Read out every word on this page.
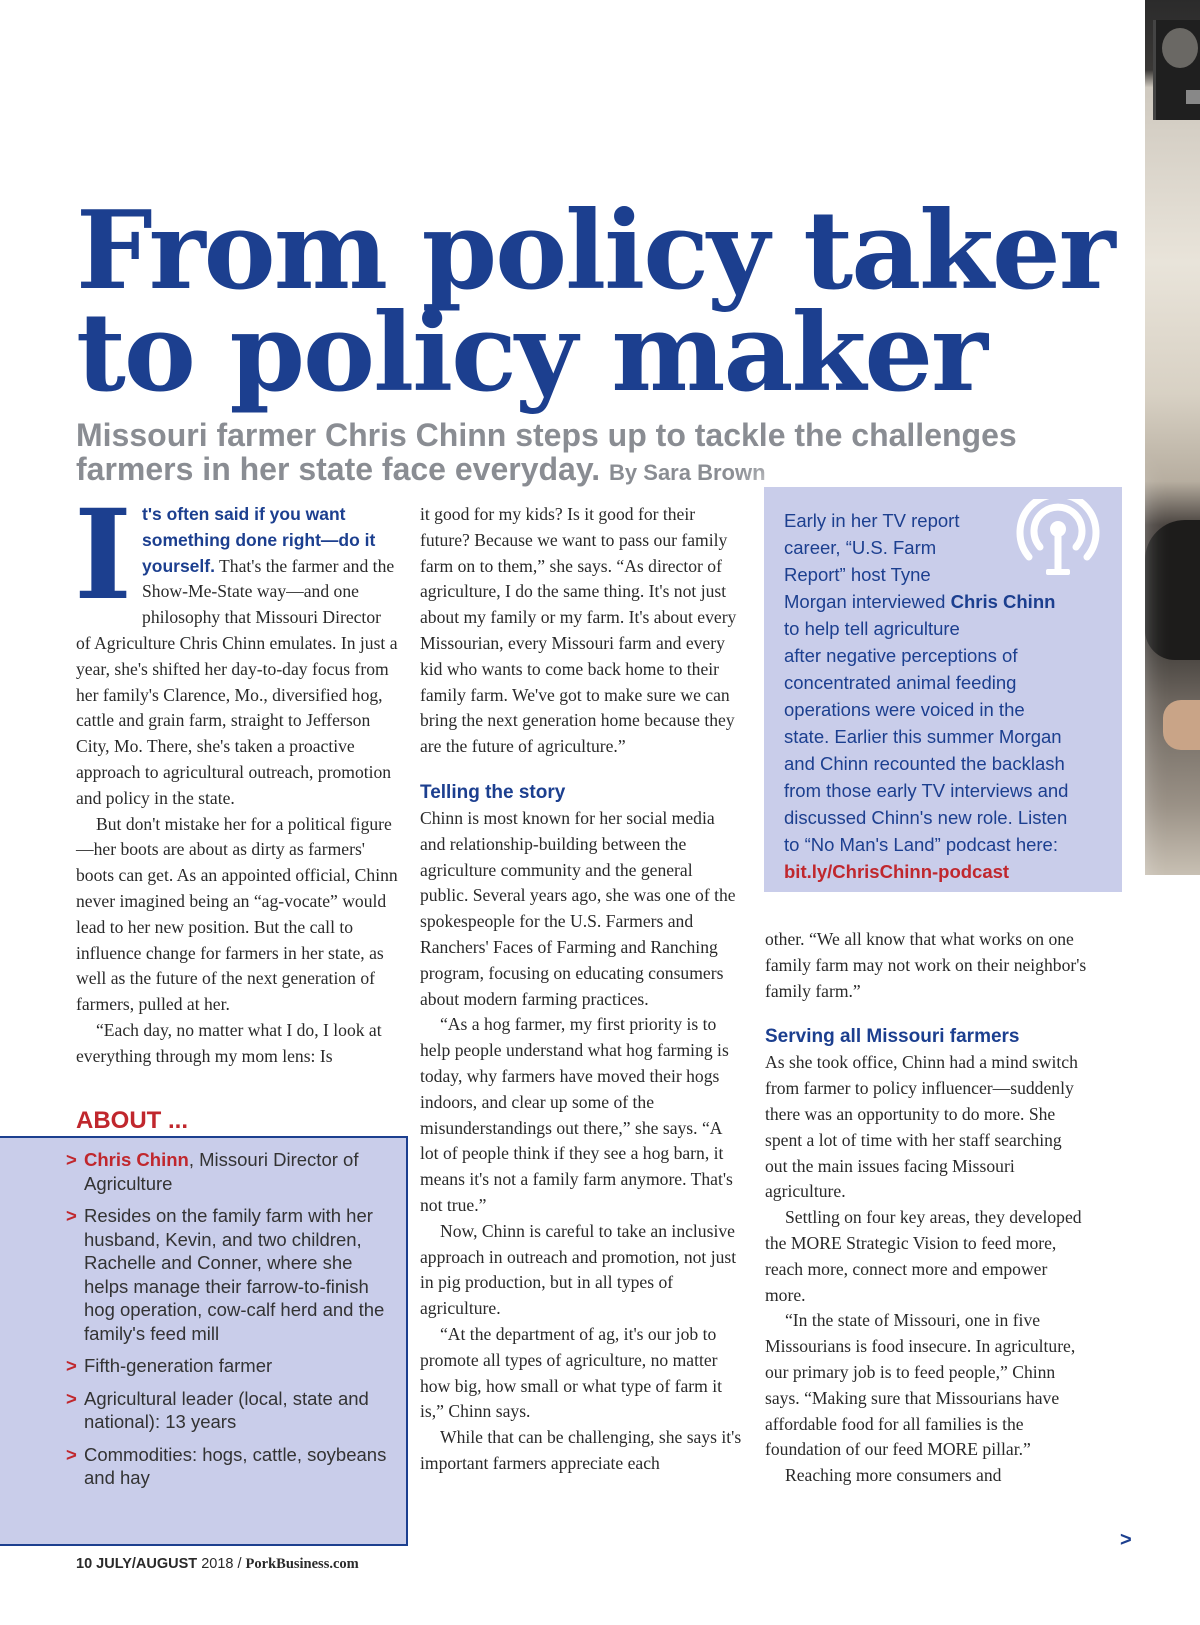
From policy taker to policy maker

Missouri farmer Chris Chinn steps up to tackle the challenges farmers in her state face everyday. By Sara Brown

It's often said if you want something done right—do it yourself. That's the farmer and the Show-Me-State way—and one philosophy that Missouri Director of Agriculture Chris Chinn emulates. In just a year, she's shifted her day-to-day focus from her family's Clarence, Mo., diversified hog, cattle and grain farm, straight to Jefferson City, Mo. There, she's taken a proactive approach to agricultural outreach, promotion and policy in the state.

But don't mistake her for a political figure—her boots are about as dirty as farmers' boots can get. As an appointed official, Chinn never imagined being an “ag-vocate” would lead to her new position. But the call to influence change for farmers in her state, as well as the future of the next generation of farmers, pulled at her.

“Each day, no matter what I do, I look at everything through my mom lens: Is

it good for my kids? Is it good for their future? Because we want to pass our family farm on to them,” she says. “As director of agriculture, I do the same thing. It's not just about my family or my farm. It's about every Missourian, every Missouri farm and every kid who wants to come back home to their family farm. We've got to make sure we can bring the next generation home because they are the future of agriculture.”

Telling the story

Chinn is most known for her social media and relationship-building between the agriculture community and the general public. Several years ago, she was one of the spokespeople for the U.S. Farmers and Ranchers' Faces of Farming and Ranching program, focusing on educating consumers about modern farming practices.

“As a hog farmer, my first priority is to help people understand what hog farming is today, why farmers have moved their hogs indoors, and clear up some of the misunderstandings out there,” she says. “A lot of people think if they see a hog barn, it means it's not a family farm anymore. That's not true.”

Now, Chinn is careful to take an inclusive approach in outreach and promotion, not just in pig production, but in all types of agriculture.

“At the department of ag, it's our job to promote all types of agriculture, no matter how big, how small or what type of farm it is,” Chinn says.

While that can be challenging, she says it's important farmers appreciate each

Early in her TV report
career, “U.S. Farm
Report” host Tyne
Morgan interviewed Chris Chinn
to help tell agriculture
after negative perceptions of
concentrated animal feeding
operations were voiced in the
state. Earlier this summer Morgan
and Chinn recounted the backlash
from those early TV interviews and
discussed Chinn's new role. Listen
to “No Man's Land” podcast here:
bit.ly/ChrisChinn-podcast

other. “We all know that what works on one family farm may not work on their neighbor's family farm.”

Serving all Missouri farmers

As she took office, Chinn had a mind switch from farmer to policy influencer—suddenly there was an opportunity to do more. She spent a lot of time with her staff searching out the main issues facing Missouri agriculture.

Settling on four key areas, they developed the MORE Strategic Vision to feed more, reach more, connect more and empower more.

“In the state of Missouri, one in five Missourians is food insecure. In agriculture, our primary job is to feed people,” Chinn says. “Making sure that Missourians have affordable food for all families is the foundation of our feed MORE pillar.”

Reaching more consumers and

ABOUT ...
> Chris Chinn, Missouri Director of Agriculture
> Resides on the family farm with her husband, Kevin, and two children, Rachelle and Conner, where she helps manage their farrow-to-finish hog operation, cow-calf herd and the family's feed mill
> Fifth-generation farmer
> Agricultural leader (local, state and national): 13 years
> Commodities: hogs, cattle, soybeans and hay

10 JULY/AUGUST 2018 / PorkBusiness.com

>
